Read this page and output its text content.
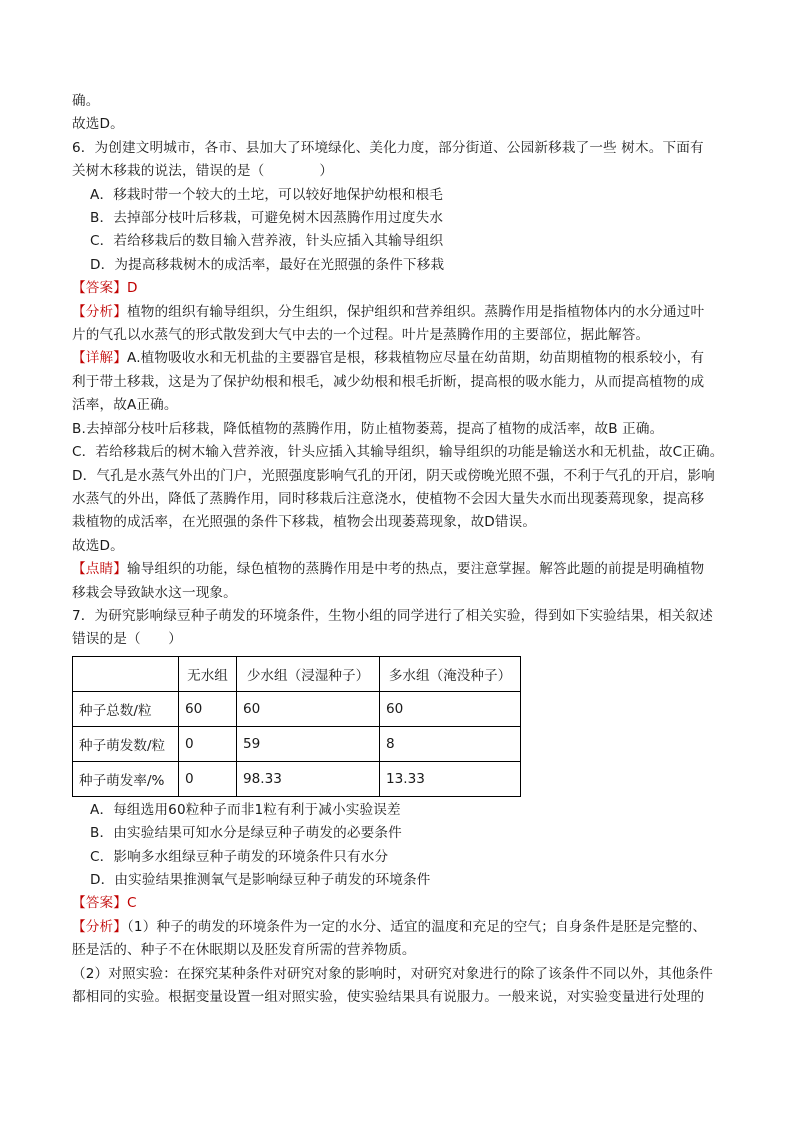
确。
故选D。
6．为创建文明城市，各市、县加大了环境绿化、美化力度，部分街道、公园新移栽了一些 树木。下面有
关树木移栽的说法，错误的是（　　　　）
A．移栽时带一个较大的土坨，可以较好地保护幼根和根毛
B．去掉部分枝叶后移栽，可避免树木因蒸腾作用过度失水
C．若给移栽后的数目输入营养液，针头应插入其输导组织
D．为提高移栽树木的成活率，最好在光照强的条件下移栽
【答案】D
【分析】植物的组织有输导组织，分生组织，保护组织和营养组织。蒸腾作用是指植物体内的水分通过叶
片的气孔以水蒸气的形式散发到大气中去的一个过程。叶片是蒸腾作用的主要部位，据此解答。
【详解】A.植物吸收水和无机盐的主要器官是根，移栽植物应尽量在幼苗期，幼苗期植物的根系较小，有
利于带土移栽，这是为了保护幼根和根毛，减少幼根和根毛折断，提高根的吸水能力，从而提高植物的成
活率，故A正确。
B.去掉部分枝叶后移栽，降低植物的蒸腾作用，防止植物萎蔫，提高了植物的成活率，故B 正确。
C．若给移栽后的树木输入营养液，针头应插入其输导组织，输导组织的功能是输送水和无机盐，故C正确。
D．气孔是水蒸气外出的门户，光照强度影响气孔的开闭，阴天或傍晚光照不强，不利于气孔的开启，影响
水蒸气的外出，降低了蒸腾作用，同时移栽后注意浇水，使植物不会因大量失水而出现萎蔫现象，提高移
栽植物的成活率，在光照强的条件下移栽，植物会出现萎蔫现象，故D错误。
故选D。
【点睛】输导组织的功能，绿色植物的蒸腾作用是中考的热点，要注意掌握。解答此题的前提是明确植物
移栽会导致缺水这一现象。
7．为研究影响绿豆种子萌发的环境条件，生物小组的同学进行了相关实验，得到如下实验结果，相关叙述
错误的是（　　）
	无水组	少水组（浸湿种子）	多水组（淹没种子）
种子总数/粒	60	60	60
种子萌发数/粒	0	59	8
种子萌发率/%	0	98.33	13.33
A．每组选用60粒种子而非1粒有利于减小实验误差
B．由实验结果可知水分是绿豆种子萌发的必要条件
C．影响多水组绿豆种子萌发的环境条件只有水分
D．由实验结果推测氧气是影响绿豆种子萌发的环境条件
【答案】C
【分析】（1）种子的萌发的环境条件为一定的水分、适宜的温度和充足的空气；自身条件是胚是完整的、
胚是活的、种子不在休眠期以及胚发育所需的营养物质。
（2）对照实验：在探究某种条件对研究对象的影响时，对研究对象进行的除了该条件不同以外，其他条件
都相同的实验。根据变量设置一组对照实验，使实验结果具有说服力。一般来说，对实验变量进行处理的
